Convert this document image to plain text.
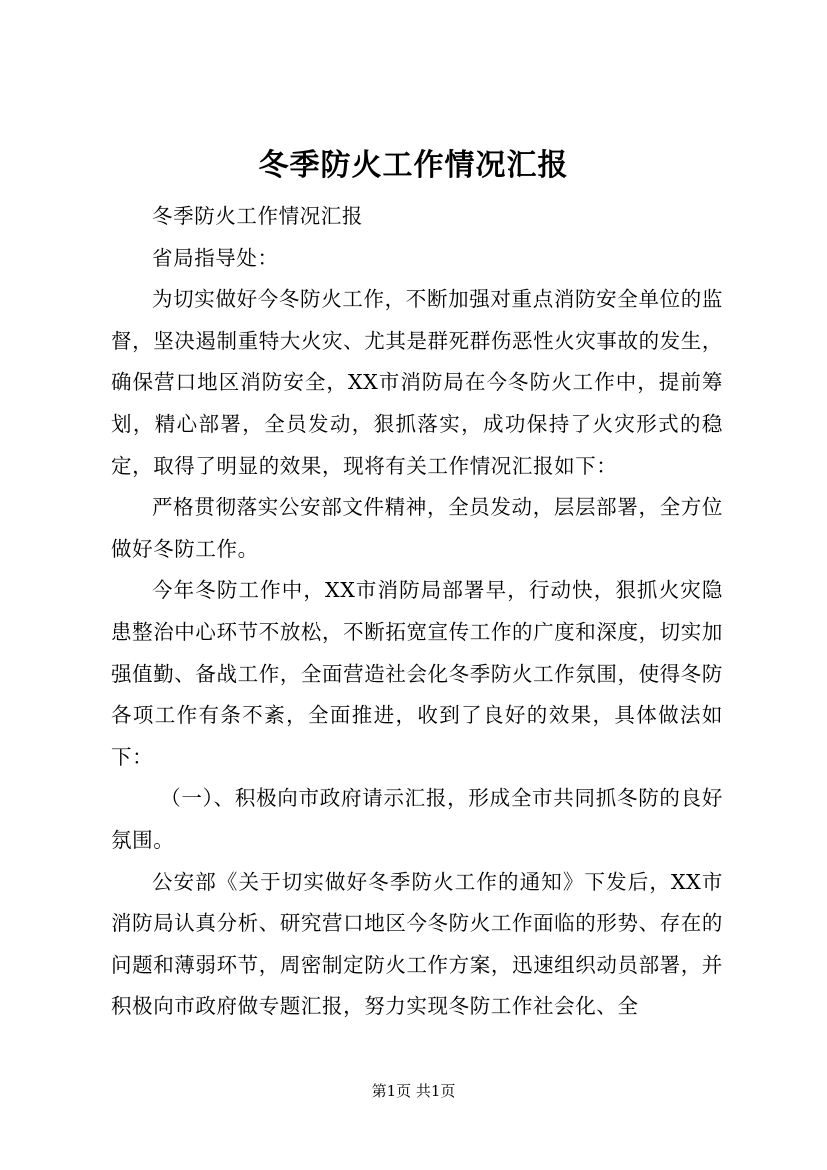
冬季防火工作情况汇报

冬季防火工作情况汇报

省局指导处：

为切实做好今冬防火工作，不断加强对重点消防安全单位的监督，坚决遏制重特大火灾、尤其是群死群伤恶性火灾事故的发生，确保营口地区消防安全，XX市消防局在今冬防火工作中，提前筹划，精心部署，全员发动，狠抓落实，成功保持了火灾形式的稳定，取得了明显的效果，现将有关工作情况汇报如下：

严格贯彻落实公安部文件精神，全员发动，层层部署，全方位做好冬防工作。

今年冬防工作中，XX市消防局部署早，行动快，狠抓火灾隐患整治中心环节不放松，不断拓宽宣传工作的广度和深度，切实加强值勤、备战工作，全面营造社会化冬季防火工作氛围，使得冬防各项工作有条不紊，全面推进，收到了良好的效果，具体做法如下：

（一）、积极向市政府请示汇报，形成全市共同抓冬防的良好氛围。

公安部《关于切实做好冬季防火工作的通知》下发后，XX市消防局认真分析、研究营口地区今冬防火工作面临的形势、存在的问题和薄弱环节，周密制定防火工作方案，迅速组织动员部署，并积极向市政府做专题汇报，努力实现冬防工作社会化、全

第1页 共1页
